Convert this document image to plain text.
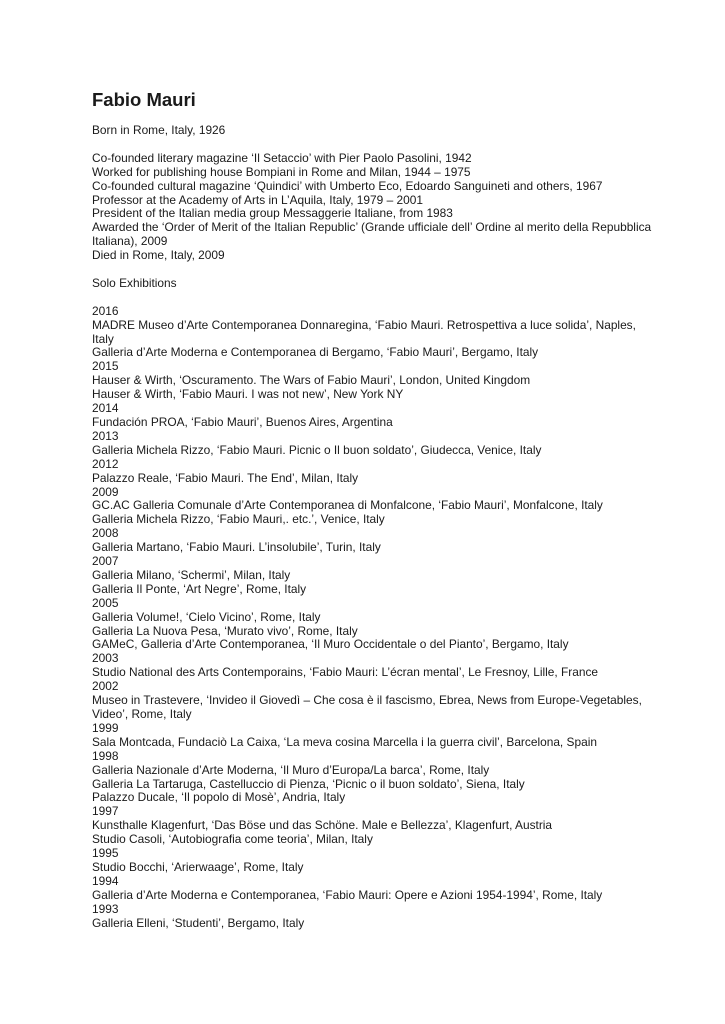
Fabio Mauri

Born in Rome, Italy, 1926

Co-founded literary magazine ‘Il Setaccio’ with Pier Paolo Pasolini, 1942

Worked for publishing house Bompiani in Rome and Milan, 1944 – 1975

Co-founded cultural magazine ‘Quindici’ with Umberto Eco, Edoardo Sanguineti and others, 1967

Professor at the Academy of Arts in L’Aquila, Italy, 1979 – 2001

President of the Italian media group Messaggerie Italiane, from 1983

Awarded the ‘Order of Merit of the Italian Republic’ (Grande ufficiale dell’ Ordine al merito della Repubblica Italiana), 2009

Died in Rome, Italy, 2009

Solo Exhibitions

2016

MADRE Museo d’Arte Contemporanea Donnaregina, ‘Fabio Mauri. Retrospettiva a luce solida’, Naples, Italy

Galleria d’Arte Moderna e Contemporanea di Bergamo, ‘Fabio Mauri’, Bergamo, Italy

2015

Hauser & Wirth, ‘Oscuramento. The Wars of Fabio Mauri’, London, United Kingdom

Hauser & Wirth, ‘Fabio Mauri. I was not new’, New York NY

2014

Fundación PROA, ‘Fabio Mauri’, Buenos Aires, Argentina

2013

Galleria Michela Rizzo, ‘Fabio Mauri. Picnic o Il buon soldato’, Giudecca, Venice, Italy

2012

Palazzo Reale, ‘Fabio Mauri. The End’, Milan, Italy

2009

GC.AC Galleria Comunale d’Arte Contemporanea di Monfalcone, ‘Fabio Mauri’, Monfalcone, Italy

Galleria Michela Rizzo, ‘Fabio Mauri,. etc.’, Venice, Italy

2008

Galleria Martano, ‘Fabio Mauri. L’insolubile’, Turin, Italy

2007

Galleria Milano, ‘Schermi’, Milan, Italy

Galleria Il Ponte, ‘Art Negre’, Rome, Italy

2005

Galleria Volume!, ‘Cielo Vicino’, Rome, Italy

Galleria La Nuova Pesa, ‘Murato vivo’, Rome, Italy

GAMeC, Galleria d’Arte Contemporanea, ‘Il Muro Occidentale o del Pianto’, Bergamo, Italy

2003

Studio National des Arts Contemporains, ‘Fabio Mauri: L’écran mental’, Le Fresnoy, Lille, France

2002

Museo in Trastevere, ‘Invideo il Giovedì – Che cosa è il fascismo, Ebrea, News from Europe-Vegetables, Video’, Rome, Italy

1999

Sala Montcada, Fundaciò La Caixa, ‘La meva cosina Marcella i la guerra civil’, Barcelona, Spain

1998

Galleria Nazionale d’Arte Moderna, ‘Il Muro d’Europa/La barca’, Rome, Italy

Galleria La Tartaruga, Castelluccio di Pienza, ‘Picnic o il buon soldato’, Siena, Italy

Palazzo Ducale, ‘Il popolo di Mosè’, Andria, Italy

1997

Kunsthalle Klagenfurt, ‘Das Böse und das Schöne. Male e Bellezza’, Klagenfurt, Austria

Studio Casoli, ‘Autobiografia come teoria’, Milan, Italy

1995

Studio Bocchi, ‘Arierwaage’, Rome, Italy

1994

Galleria d’Arte Moderna e Contemporanea, ‘Fabio Mauri: Opere e Azioni 1954-1994’, Rome, Italy

1993

Galleria Elleni, ‘Studenti’, Bergamo, Italy
